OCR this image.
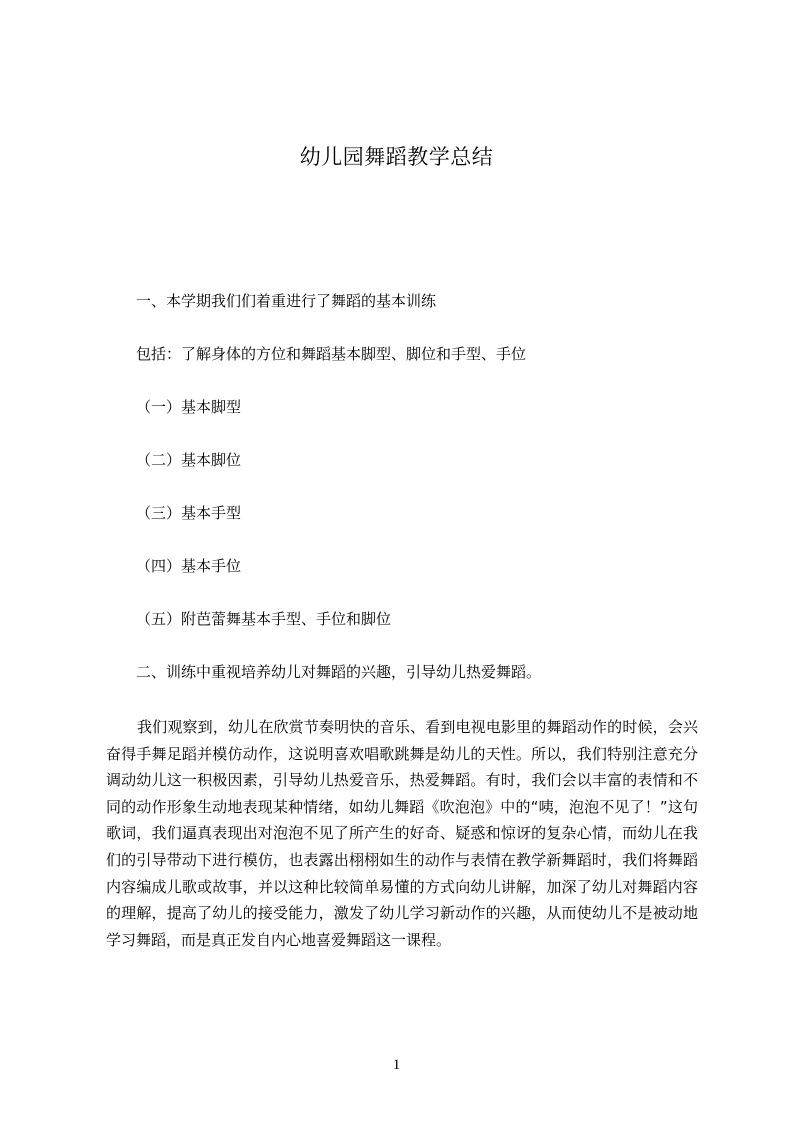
幼儿园舞蹈教学总结
一、本学期我们们着重进行了舞蹈的基本训练
包括：了解身体的方位和舞蹈基本脚型、脚位和手型、手位
（一）基本脚型
（二）基本脚位
（三）基本手型
（四）基本手位
（五）附芭蕾舞基本手型、手位和脚位
二、训练中重视培养幼儿对舞蹈的兴趣，引导幼儿热爱舞蹈。
我们观察到，幼儿在欣赏节奏明快的音乐、看到电视电影里的舞蹈动作的时候，会兴奋得手舞足蹈并模仿动作，这说明喜欢唱歌跳舞是幼儿的天性。所以，我们特别注意充分调动幼儿这一积极因素，引导幼儿热爱音乐，热爱舞蹈。有时，我们会以丰富的表情和不同的动作形象生动地表现某种情绪，如幼儿舞蹈《吹泡泡》中的“咦，泡泡不见了！”这句歌词，我们逼真表现出对泡泡不见了所产生的好奇、疑惑和惊讶的复杂心情，而幼儿在我们的引导带动下进行模仿，也表露出栩栩如生的动作与表情在教学新舞蹈时，我们将舞蹈内容编成儿歌或故事，并以这种比较简单易懂的方式向幼儿讲解，加深了幼儿对舞蹈内容的理解，提高了幼儿的接受能力，激发了幼儿学习新动作的兴趣，从而使幼儿不是被动地学习舞蹈，而是真正发自内心地喜爱舞蹈这一课程。
1
